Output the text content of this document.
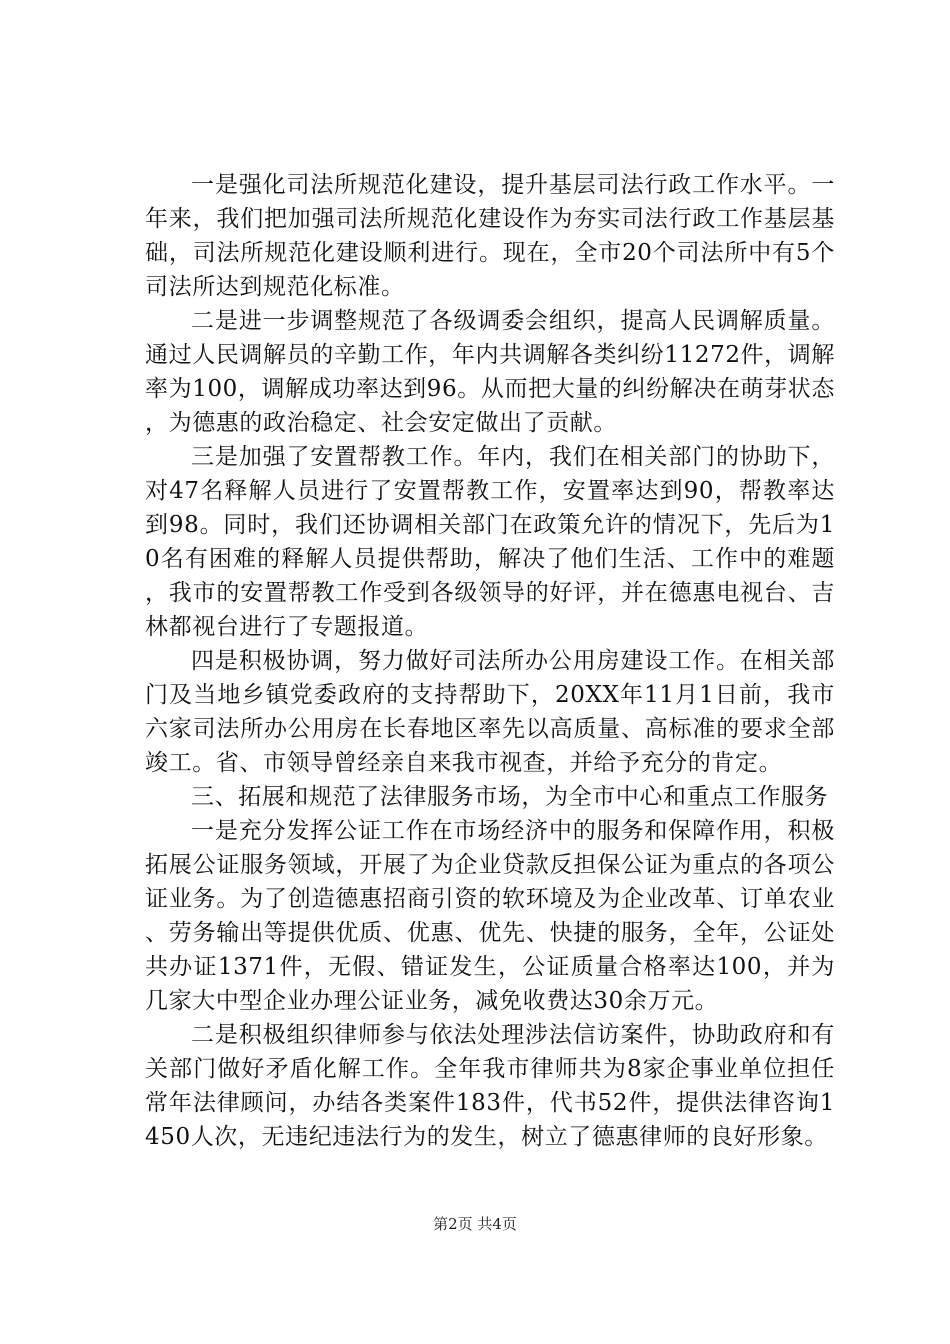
一是强化司法所规范化建设，提升基层司法行政工作水平。一年来，我们把加强司法所规范化建设作为夯实司法行政工作基层基础，司法所规范化建设顺利进行。现在，全市20个司法所中有5个司法所达到规范化标准。

二是进一步调整规范了各级调委会组织，提高人民调解质量。通过人民调解员的辛勤工作，年内共调解各类纠纷11272件，调解率为100，调解成功率达到96。从而把大量的纠纷解决在萌芽状态，为德惠的政治稳定、社会安定做出了贡献。

三是加强了安置帮教工作。年内，我们在相关部门的协助下，对47名释解人员进行了安置帮教工作，安置率达到90，帮教率达到98。同时，我们还协调相关部门在政策允许的情况下，先后为10名有困难的释解人员提供帮助，解决了他们生活、工作中的难题，我市的安置帮教工作受到各级领导的好评，并在德惠电视台、吉林都视台进行了专题报道。

四是积极协调，努力做好司法所办公用房建设工作。在相关部门及当地乡镇党委政府的支持帮助下，20XX年11月1日前，我市六家司法所办公用房在长春地区率先以高质量、高标准的要求全部竣工。省、市领导曾经亲自来我市视查，并给予充分的肯定。

三、拓展和规范了法律服务市场，为全市中心和重点工作服务

一是充分发挥公证工作在市场经济中的服务和保障作用，积极拓展公证服务领域，开展了为企业贷款反担保公证为重点的各项公证业务。为了创造德惠招商引资的软环境及为企业改革、订单农业、劳务输出等提供优质、优惠、优先、快捷的服务，全年，公证处共办证1371件，无假、错证发生，公证质量合格率达100，并为几家大中型企业办理公证业务，减免收费达30余万元。

二是积极组织律师参与依法处理涉法信访案件，协助政府和有关部门做好矛盾化解工作。全年我市律师共为8家企事业单位担任常年法律顾问，办结各类案件183件，代书52件，提供法律咨询1450人次，无违纪违法行为的发生，树立了德惠律师的良好形象。

第2页 共4页
